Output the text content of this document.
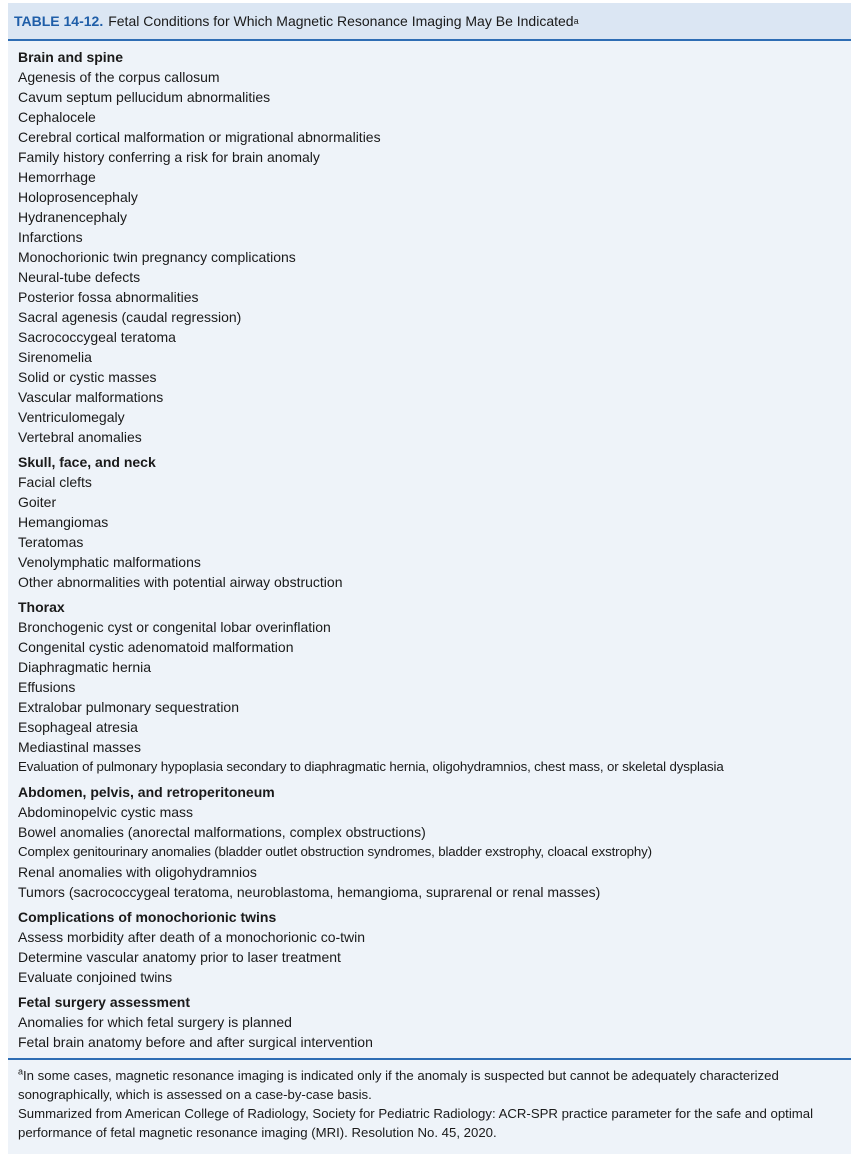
TABLE 14-12. Fetal Conditions for Which Magnetic Resonance Imaging May Be Indicated a
Brain and spine
Agenesis of the corpus callosum
Cavum septum pellucidum abnormalities
Cephalocele
Cerebral cortical malformation or migrational abnormalities
Family history conferring a risk for brain anomaly
Hemorrhage
Holoprosencephaly
Hydranencephaly
Infarctions
Monochorionic twin pregnancy complications
Neural-tube defects
Posterior fossa abnormalities
Sacral agenesis (caudal regression)
Sacrococcygeal teratoma
Sirenomelia
Solid or cystic masses
Vascular malformations
Ventriculomegaly
Vertebral anomalies
Skull, face, and neck
Facial clefts
Goiter
Hemangiomas
Teratomas
Venolymphatic malformations
Other abnormalities with potential airway obstruction
Thorax
Bronchogenic cyst or congenital lobar overinflation
Congenital cystic adenomatoid malformation
Diaphragmatic hernia
Effusions
Extralobar pulmonary sequestration
Esophageal atresia
Mediastinal masses
Evaluation of pulmonary hypoplasia secondary to diaphragmatic hernia, oligohydramnios, chest mass, or skeletal dysplasia
Abdomen, pelvis, and retroperitoneum
Abdominopelvic cystic mass
Bowel anomalies (anorectal malformations, complex obstructions)
Complex genitourinary anomalies (bladder outlet obstruction syndromes, bladder exstrophy, cloacal exstrophy)
Renal anomalies with oligohydramnios
Tumors (sacrococcygeal teratoma, neuroblastoma, hemangioma, suprarenal or renal masses)
Complications of monochorionic twins
Assess morbidity after death of a monochorionic co-twin
Determine vascular anatomy prior to laser treatment
Evaluate conjoined twins
Fetal surgery assessment
Anomalies for which fetal surgery is planned
Fetal brain anatomy before and after surgical intervention

$^a$In some cases, magnetic resonance imaging is indicated only if the anomaly is suspected but cannot be adequately characterized sonographically, which is assessed on a case-by-case basis.

Summarized from American College of Radiology, Society for Pediatric Radiology: ACR-SPR practice parameter for the safe and optimal performance of fetal magnetic resonance imaging (MRI). Resolution No. 45, 2020.
